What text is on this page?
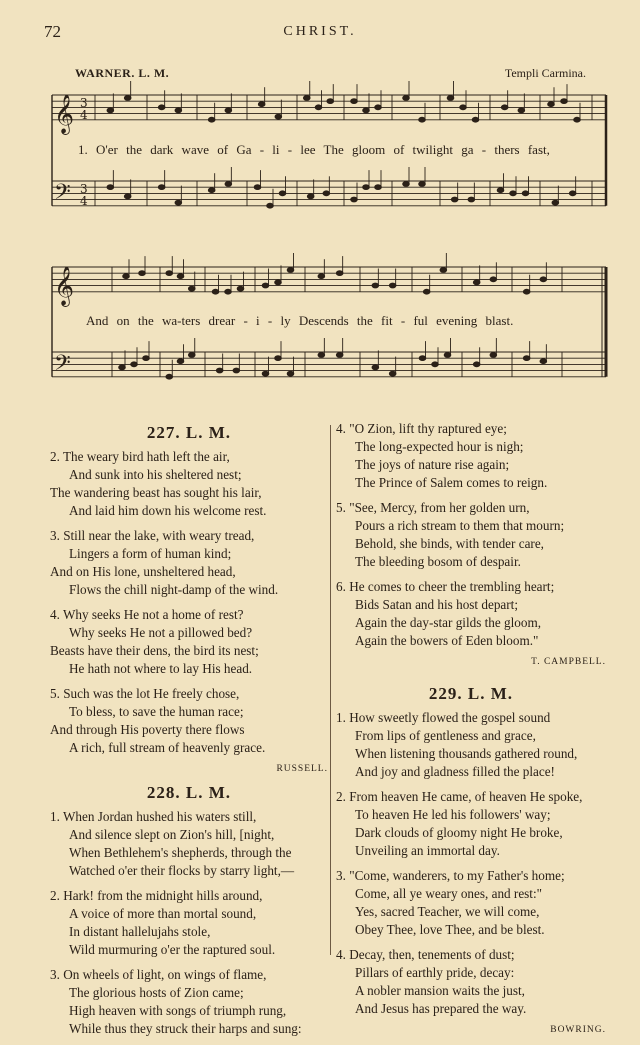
72	CHRIST.
WARNER. L. M.	Templi Carmina.
𝄞
𝄢
𝄞
𝄢
3
4
3
4
1. O'er the dark wave of Ga - li - lee The gloom of twilight ga - thers fast,
And on the wa-ters drear - i - ly Descends the fit - ful evening blast.
227. L. M.
2. The weary bird hath left the air,
And sunk into his sheltered nest;
The wandering beast has sought his lair,
And laid him down his welcome rest.
3. Still near the lake, with weary tread,
Lingers a form of human kind;
And on His lone, unsheltered head,
Flows the chill night-damp of the wind.
4. Why seeks He not a home of rest?
Why seeks He not a pillowed bed?
Beasts have their dens, the bird its nest;
He hath not where to lay His head.
5. Such was the lot He freely chose,
To bless, to save the human race;
And through His poverty there flows
A rich, full stream of heavenly grace.
RUSSELL.
228. L. M.
1. When Jordan hushed his waters still,
And silence slept on Zion's hill, [night,
When Bethlehem's shepherds, through the
Watched o'er their flocks by starry light,—
2. Hark! from the midnight hills around,
A voice of more than mortal sound,
In distant hallelujahs stole,
Wild murmuring o'er the raptured soul.
3. On wheels of light, on wings of flame,
The glorious hosts of Zion came;
High heaven with songs of triumph rung,
While thus they struck their harps and sung:
4. "O Zion, lift thy raptured eye;
The long-expected hour is nigh;
The joys of nature rise again;
The Prince of Salem comes to reign.
5. "See, Mercy, from her golden urn,
Pours a rich stream to them that mourn;
Behold, she binds, with tender care,
The bleeding bosom of despair.
6. He comes to cheer the trembling heart;
Bids Satan and his host depart;
Again the day-star gilds the gloom,
Again the bowers of Eden bloom."
T. CAMPBELL.
229. L. M.
1. How sweetly flowed the gospel sound
From lips of gentleness and grace,
When listening thousands gathered round,
And joy and gladness filled the place!
2. From heaven He came, of heaven He spoke,
To heaven He led his followers' way;
Dark clouds of gloomy night He broke,
Unveiling an immortal day.
3. "Come, wanderers, to my Father's home;
Come, all ye weary ones, and rest:"
Yes, sacred Teacher, we will come,
Obey Thee, love Thee, and be blest.
4. Decay, then, tenements of dust;
Pillars of earthly pride, decay:
A nobler mansion waits the just,
And Jesus has prepared the way.
BOWRING.
